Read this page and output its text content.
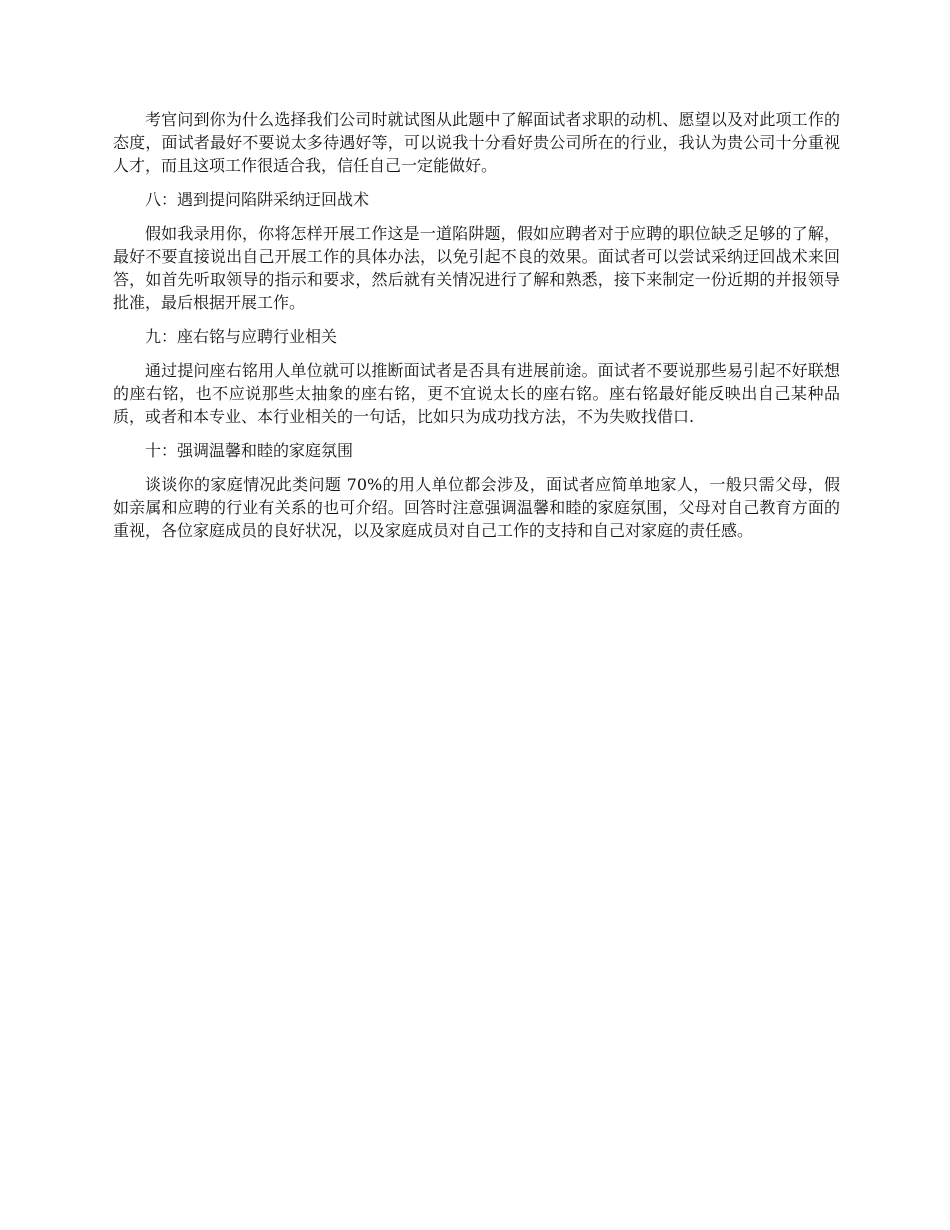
考官问到你为什么选择我们公司时就试图从此题中了解面试者求职的动机、愿望以及对此项工作的态度，面试者最好不要说太多待遇好等，可以说我十分看好贵公司所在的行业，我认为贵公司十分重视人才，而且这项工作很适合我，信任自己一定能做好。

八：遇到提问陷阱采纳迂回战术

假如我录用你，你将怎样开展工作这是一道陷阱题，假如应聘者对于应聘的职位缺乏足够的了解，最好不要直接说出自己开展工作的具体办法，以免引起不良的效果。面试者可以尝试采纳迂回战术来回答，如首先听取领导的指示和要求，然后就有关情况进行了解和熟悉，接下来制定一份近期的并报领导批准，最后根据开展工作。

九：座右铭与应聘行业相关

通过提问座右铭用人单位就可以推断面试者是否具有进展前途。面试者不要说那些易引起不好联想的座右铭，也不应说那些太抽象的座右铭，更不宜说太长的座右铭。座右铭最好能反映出自己某种品质，或者和本专业、本行业相关的一句话，比如只为成功找方法，不为失败找借口.

十：强调温馨和睦的家庭氛围

谈谈你的家庭情况此类问题 70%的用人单位都会涉及，面试者应简单地家人，一般只需父母，假如亲属和应聘的行业有关系的也可介绍。回答时注意强调温馨和睦的家庭氛围，父母对自己教育方面的重视，各位家庭成员的良好状况，以及家庭成员对自己工作的支持和自己对家庭的责任感。
